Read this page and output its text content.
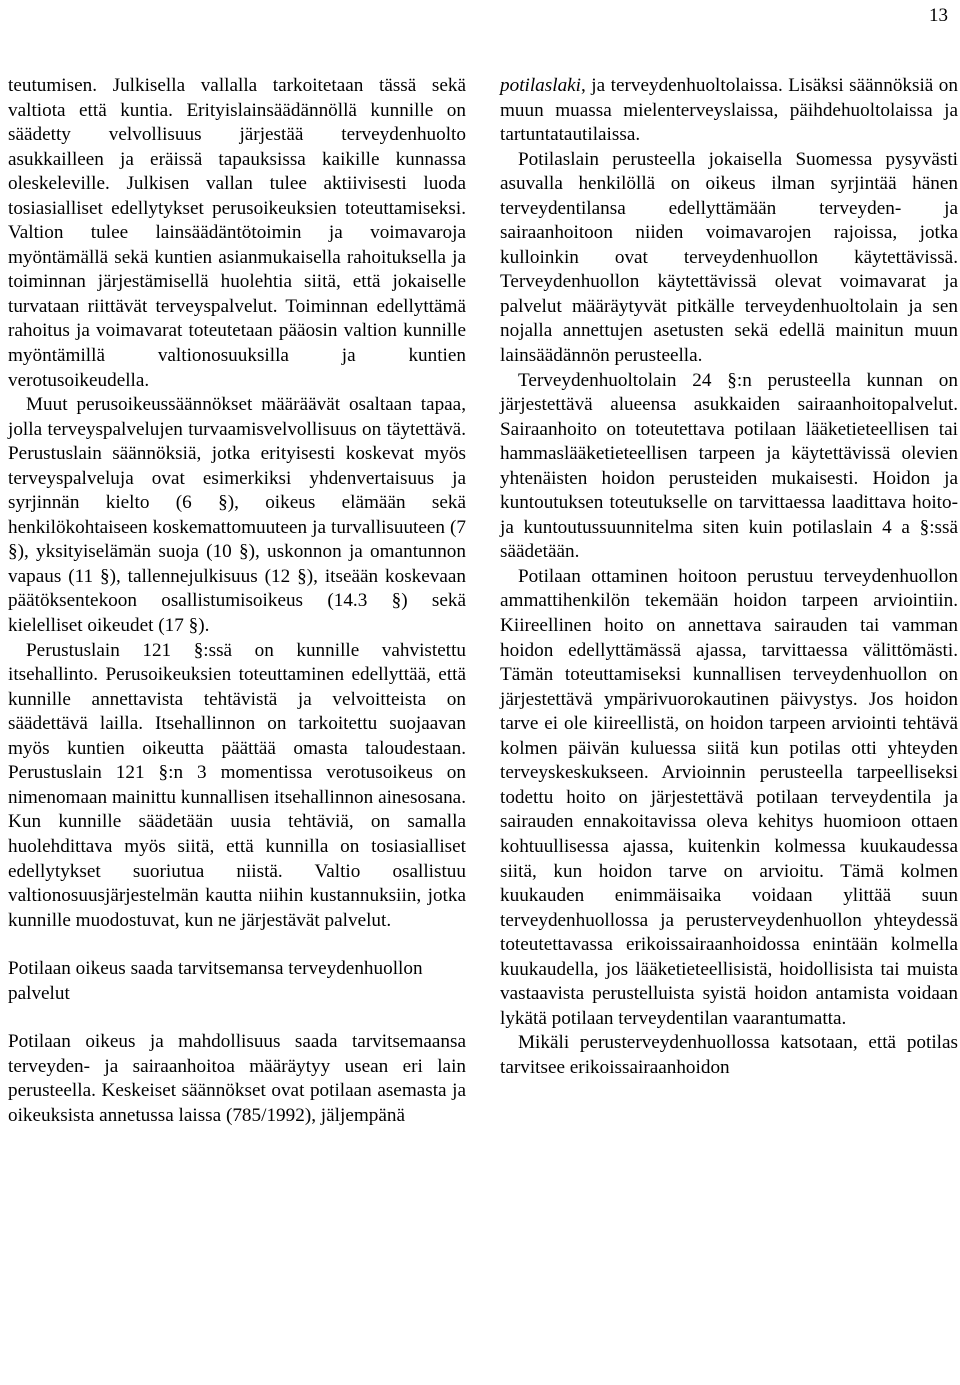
13

teutumisen. Julkisella vallalla tarkoitetaan tässä sekä valtiota että kuntia. Erityislainsäädännöllä kunnille on säädetty velvollisuus järjestää terveydenhuolto asukkailleen ja eräissä tapauksissa kaikille kunnassa oleskeleville. Julkisen vallan tulee aktiivisesti luoda tosiasialliset edellytykset perusoikeuksien toteuttamiseksi. Valtion tulee lainsäädäntötoimin ja voimavaroja myöntämällä sekä kuntien asianmukaisella rahoituksella ja toiminnan järjestämisellä huolehtia siitä, että jokaiselle turvataan riittävät terveyspalvelut. Toiminnan edellyttämä rahoitus ja voimavarat toteutetaan pääosin valtion kunnille myöntämillä valtionosuuksilla ja kuntien verotusoikeudella.

Muut perusoikeussäännökset määräävät osaltaan tapaa, jolla terveyspalvelujen turvaamisvelvollisuus on täytettävä. Perustuslain säännöksiä, jotka erityisesti koskevat myös terveyspalveluja ovat esimerkiksi yhdenvertaisuus ja syrjinnän kielto (6 §), oikeus elämään sekä henkilökohtaiseen koskemattomuuteen ja turvallisuuteen (7 §), yksityiselämän suoja (10 §), uskonnon ja omantunnon vapaus (11 §), tallennejulkisuus (12 §), itseään koskevaan päätöksentekoon osallistumisoikeus (14.3 §) sekä kielelliset oikeudet (17 §).

Perustuslain 121 §:ssä on kunnille vahvistettu itsehallinto. Perusoikeuksien toteuttaminen edellyttää, että kunnille annettavista tehtävistä ja velvoitteista on säädettävä lailla. Itsehallinnon on tarkoitettu suojaavan myös kuntien oikeutta päättää omasta taloudestaan. Perustuslain 121 §:n 3 momentissa verotusoikeus on nimenomaan mainittu kunnallisen itsehallinnon ainesosana. Kun kunnille säädetään uusia tehtäviä, on samalla huolehdittava myös siitä, että kunnilla on tosiasialliset edellytykset suoriutua niistä. Valtio osallistuu valtionosuusjärjestelmän kautta niihin kustannuksiin, jotka kunnille muodostuvat, kun ne järjestävät palvelut.

Potilaan oikeus saada tarvitsemansa terveydenhuollon palvelut

Potilaan oikeus ja mahdollisuus saada tarvitsemaansa terveyden- ja sairaanhoitoa määräytyy usean eri lain perusteella. Keskeiset säännökset ovat potilaan asemasta ja oikeuksista annetussa laissa (785/1992), jäljempänä

potilaslaki, ja terveydenhuoltolaissa. Lisäksi säännöksiä on muun muassa mielenterveyslaissa, päihdehuoltolaissa ja tartuntatautilaissa.

Potilaslain perusteella jokaisella Suomessa pysyvästi asuvalla henkilöllä on oikeus ilman syrjintää hänen terveydentilansa edellyttämään terveyden- ja sairaanhoitoon niiden voimavarojen rajoissa, jotka kulloinkin ovat terveydenhuollon käytettävissä. Terveydenhuollon käytettävissä olevat voimavarat ja palvelut määräytyvät pitkälle terveydenhuoltolain ja sen nojalla annettujen asetusten sekä edellä mainitun muun lainsäädännön perusteella.

Terveydenhuoltolain 24 §:n perusteella kunnan on järjestettävä alueensa asukkaiden sairaanhoitopalvelut. Sairaanhoito on toteutettava potilaan lääketieteellisen tai hammaslääketieteellisen tarpeen ja käytettävissä olevien yhtenäisten hoidon perusteiden mukaisesti. Hoidon ja kuntoutuksen toteutukselle on tarvittaessa laadittava hoito- ja kuntoutussuunnitelma siten kuin potilaslain 4 a §:ssä säädetään.

Potilaan ottaminen hoitoon perustuu terveydenhuollon ammattihenkilön tekemään hoidon tarpeen arviointiin. Kiireellinen hoito on annettava sairauden tai vamman hoidon edellyttämässä ajassa, tarvittaessa välittömästi. Tämän toteuttamiseksi kunnallisen terveydenhuollon on järjestettävä ympärivuorokautinen päivystys. Jos hoidon tarve ei ole kiireellistä, on hoidon tarpeen arviointi tehtävä kolmen päivän kuluessa siitä kun potilas otti yhteyden terveyskeskukseen. Arvioinnin perusteella tarpeelliseksi todettu hoito on järjestettävä potilaan terveydentila ja sairauden ennakoitavissa oleva kehitys huomioon ottaen kohtuullisessa ajassa, kuitenkin kolmessa kuukaudessa siitä, kun hoidon tarve on arvioitu. Tämä kolmen kuukauden enimmäisaika voidaan ylittää suun terveydenhuollossa ja perusterveydenhuollon yhteydessä toteutettavassa erikoissairaanhoidossa enintään kolmella kuukaudella, jos lääketieteellisistä, hoidollisista tai muista vastaavista perustelluista syistä hoidon antamista voidaan lykätä potilaan terveydentilan vaarantumatta.

Mikäli perusterveydenhuollossa katsotaan, että potilas tarvitsee erikoissairaanhoidon
